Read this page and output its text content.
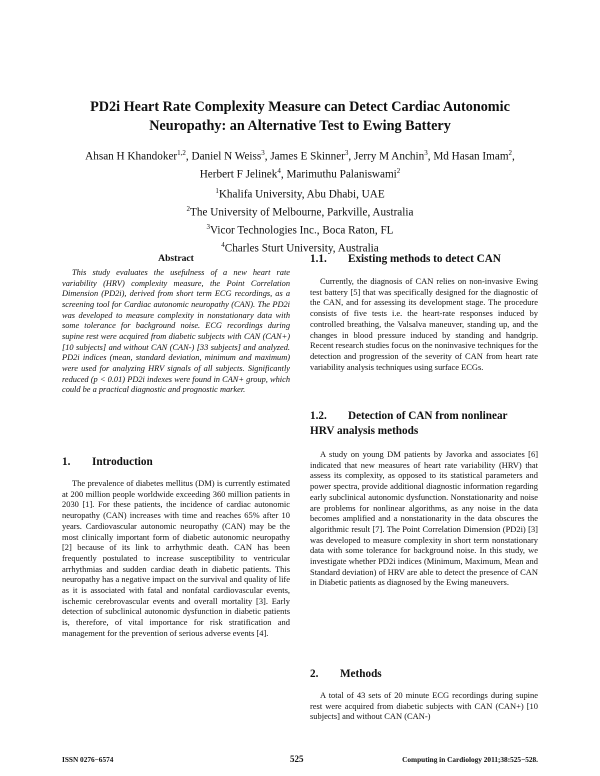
PD2i Heart Rate Complexity Measure can Detect Cardiac Autonomic
Neuropathy: an Alternative Test to Ewing Battery
Ahsan H Khandoker$^{1,2}$, Daniel N Weiss$^3$, James E Skinner$^3$, Jerry M Anchin$^3$, Md Hasan Imam$^2$,
Herbert F Jelinek$^4$, Marimuthu Palaniswami$^2$
$^1$Khalifa University, Abu Dhabi, UAE
$^2$The University of Melbourne, Parkville, Australia
$^3$Vicor Technologies Inc., Boca Raton, FL
$^4$Charles Sturt University, Australia
Abstract

This study evaluates the usefulness of a new heart rate variability (HRV) complexity measure, the Point Correlation Dimension (PD2i), derived from short term ECG recordings, as a screening tool for Cardiac autonomic neuropathy (CAN). The PD2i was developed to measure complexity in nonstationary data with some tolerance for background noise. ECG recordings during supine rest were acquired from diabetic subjects with CAN (CAN+) [10 subjects] and without CAN (CAN-) [33 subjects] and analyzed. PD2i indices (mean, standard deviation, minimum and maximum) were used for analyzing HRV signals of all subjects. Significantly reduced (p < 0.01) PD2i indexes were found in CAN+ group, which could be a practical diagnostic and prognostic marker.

1. Introduction

The prevalence of diabetes mellitus (DM) is currently estimated at 200 million people worldwide exceeding 360 million patients in 2030 [1]. For these patients, the incidence of cardiac autonomic neuropathy (CAN) increases with time and reaches 65% after 10 years. Cardiovascular autonomic neuropathy (CAN) may be the most clinically important form of diabetic autonomic neuropathy [2] because of its link to arrhythmic death. CAN has been frequently postulated to increase susceptibility to ventricular arrhythmias and sudden cardiac death in diabetic patients. This neuropathy has a negative impact on the survival and quality of life as it is associated with fatal and nonfatal cardiovascular events, ischemic cerebrovascular events and overall mortality [3]. Early detection of subclinical autonomic dysfunction in diabetic patients is, therefore, of vital importance for risk stratification and management for the prevention of serious adverse events [4].

1.1. Existing methods to detect CAN

Currently, the diagnosis of CAN relies on non-invasive Ewing test battery [5] that was specifically designed for the diagnostic of the CAN, and for assessing its development stage. The procedure consists of five tests i.e. the heart-rate responses induced by controlled breathing, the Valsalva maneuver, standing up, and the changes in blood pressure induced by standing and handgrip. Recent research studies focus on the noninvasive techniques for the detection and progression of the severity of CAN from heart rate variability analysis techniques using surface ECGs.

1.2. Detection of CAN from nonlinear
HRV analysis methods

A study on young DM patients by Javorka and associates [6] indicated that new measures of heart rate variability (HRV) that assess its complexity, as opposed to its statistical parameters and power spectra, provide additional diagnostic information regarding early subclinical autonomic dysfunction. Nonstationarity and noise are problems for nonlinear algorithms, as any noise in the data becomes amplified and a nonstationarity in the data obscures the algorithmic result [7]. The Point Correlation Dimension (PD2i) [3] was developed to measure complexity in short term nonstationary data with some tolerance for background noise. In this study, we investigate whether PD2i indices (Minimum, Maximum, Mean and Standard deviation) of HRV are able to detect the presence of CAN in Diabetic patients as diagnosed by the Ewing maneuvers.

2. Methods

A total of 43 sets of 20 minute ECG recordings during supine rest were acquired from diabetic subjects with CAN (CAN+) [10 subjects] and without CAN (CAN-)

ISSN 0276−6574	525	Computing in Cardiology 2011;38:525−528.
